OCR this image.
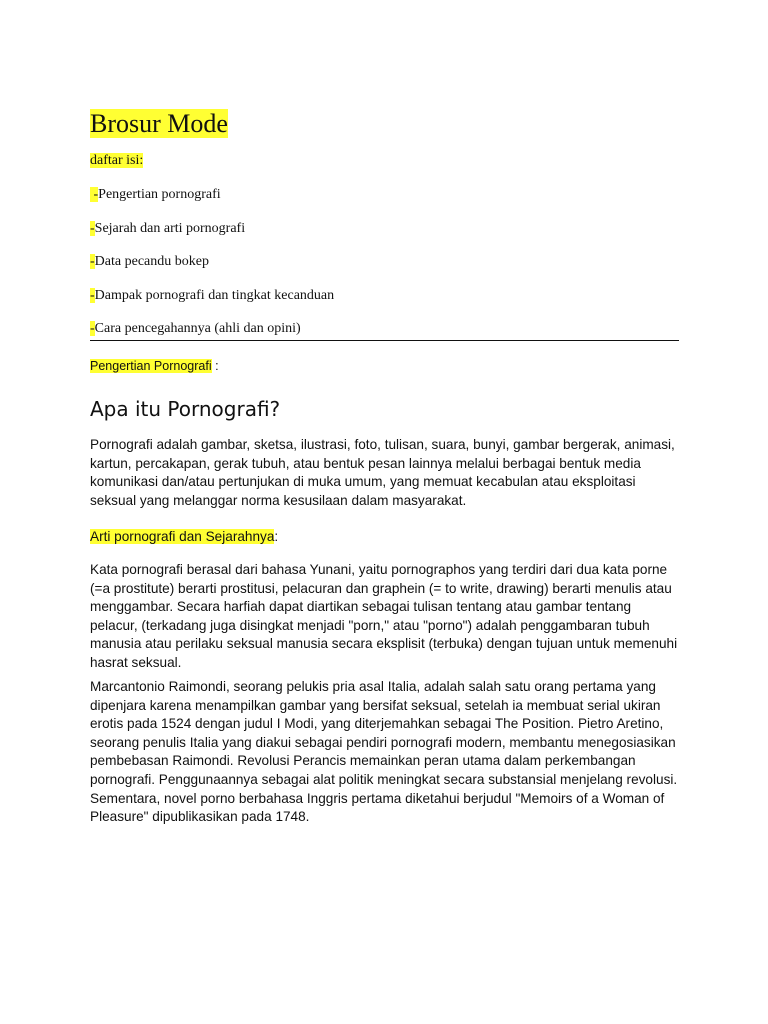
Brosur Mode
daftar isi:
-Pengertian pornografi
-Sejarah dan arti pornografi
-Data pecandu bokep
-Dampak pornografi dan tingkat kecanduan
-Cara pencegahannya (ahli dan opini)
Pengertian Pornografi :
Apa itu Pornografi?

Pornografi adalah gambar, sketsa, ilustrasi, foto, tulisan, suara, bunyi, gambar bergerak, animasi, kartun, percakapan, gerak tubuh, atau bentuk pesan lainnya melalui berbagai bentuk media komunikasi dan/atau pertunjukan di muka umum, yang memuat kecabulan atau eksploitasi seksual yang melanggar norma kesusilaan dalam masyarakat.

Arti pornografi dan Sejarahnya:

Kata pornografi berasal dari bahasa Yunani, yaitu pornographos yang terdiri dari dua kata porne (=a prostitute) berarti prostitusi, pelacuran dan graphein (= to write, drawing) berarti menulis atau menggambar. Secara harfiah dapat diartikan sebagai tulisan tentang atau gambar tentang pelacur, (terkadang juga disingkat menjadi "porn," atau "porno") adalah penggambaran tubuh manusia atau perilaku seksual manusia secara eksplisit (terbuka) dengan tujuan untuk memenuhi hasrat seksual.

Marcantonio Raimondi, seorang pelukis pria asal Italia, adalah salah satu orang pertama yang dipenjara karena menampilkan gambar yang bersifat seksual, setelah ia membuat serial ukiran erotis pada 1524 dengan judul I Modi, yang diterjemahkan sebagai The Position. Pietro Aretino, seorang penulis Italia yang diakui sebagai pendiri pornografi modern, membantu menegosiasikan pembebasan Raimondi. Revolusi Perancis memainkan peran utama dalam perkembangan pornografi. Penggunaannya sebagai alat politik meningkat secara substansial menjelang revolusi. Sementara, novel porno berbahasa Inggris pertama diketahui berjudul "Memoirs of a Woman of Pleasure" dipublikasikan pada 1748.
